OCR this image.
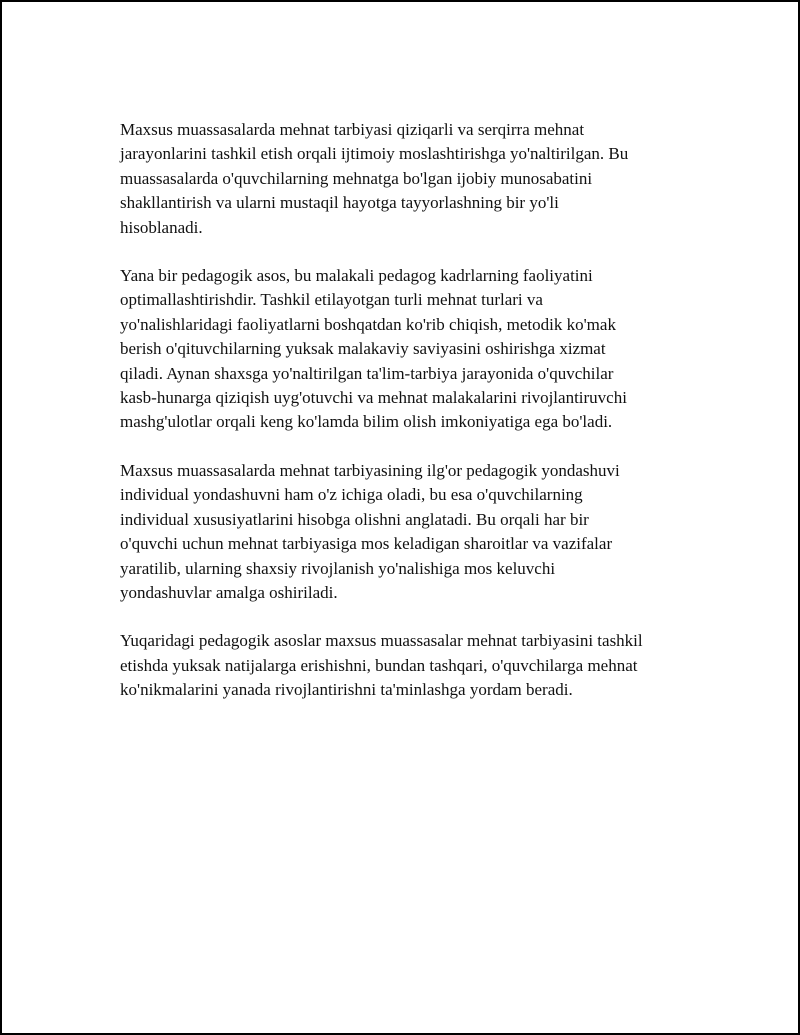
Maxsus muassasalarda mehnat tarbiyasi qiziqarli va serqirra mehnat
jarayonlarini tashkil etish orqali ijtimoiy moslashtirishga yo'naltirilgan. Bu
muassasalarda o'quvchilarning mehnatga bo'lgan ijobiy munosabatini
shakllantirish va ularni mustaqil hayotga tayyorlashning bir yo'li
hisoblanadi.

Yana bir pedagogik asos, bu malakali pedagog kadrlarning faoliyatini
optimallashtirishdir. Tashkil etilayotgan turli mehnat turlari va
yo'nalishlaridagi faoliyatlarni boshqatdan ko'rib chiqish, metodik ko'mak
berish o'qituvchilarning yuksak malakaviy saviyasini oshirishga xizmat
qiladi. Aynan shaxsga yo'naltirilgan ta'lim-tarbiya jarayonida o'quvchilar
kasb-hunarga qiziqish uyg'otuvchi va mehnat malakalarini rivojlantiruvchi
mashg'ulotlar orqali keng ko'lamda bilim olish imkoniyatiga ega bo'ladi.

Maxsus muassasalarda mehnat tarbiyasining ilg'or pedagogik yondashuvi
individual yondashuvni ham o'z ichiga oladi, bu esa o'quvchilarning
individual xususiyatlarini hisobga olishni anglatadi. Bu orqali har bir
o'quvchi uchun mehnat tarbiyasiga mos keladigan sharoitlar va vazifalar
yaratilib, ularning shaxsiy rivojlanish yo'nalishiga mos keluvchi
yondashuvlar amalga oshiriladi.

Yuqaridagi pedagogik asoslar maxsus muassasalar mehnat tarbiyasini tashkil
etishda yuksak natijalarga erishishni, bundan tashqari, o'quvchilarga mehnat
ko'nikmalarini yanada rivojlantirishni ta'minlashga yordam beradi.
